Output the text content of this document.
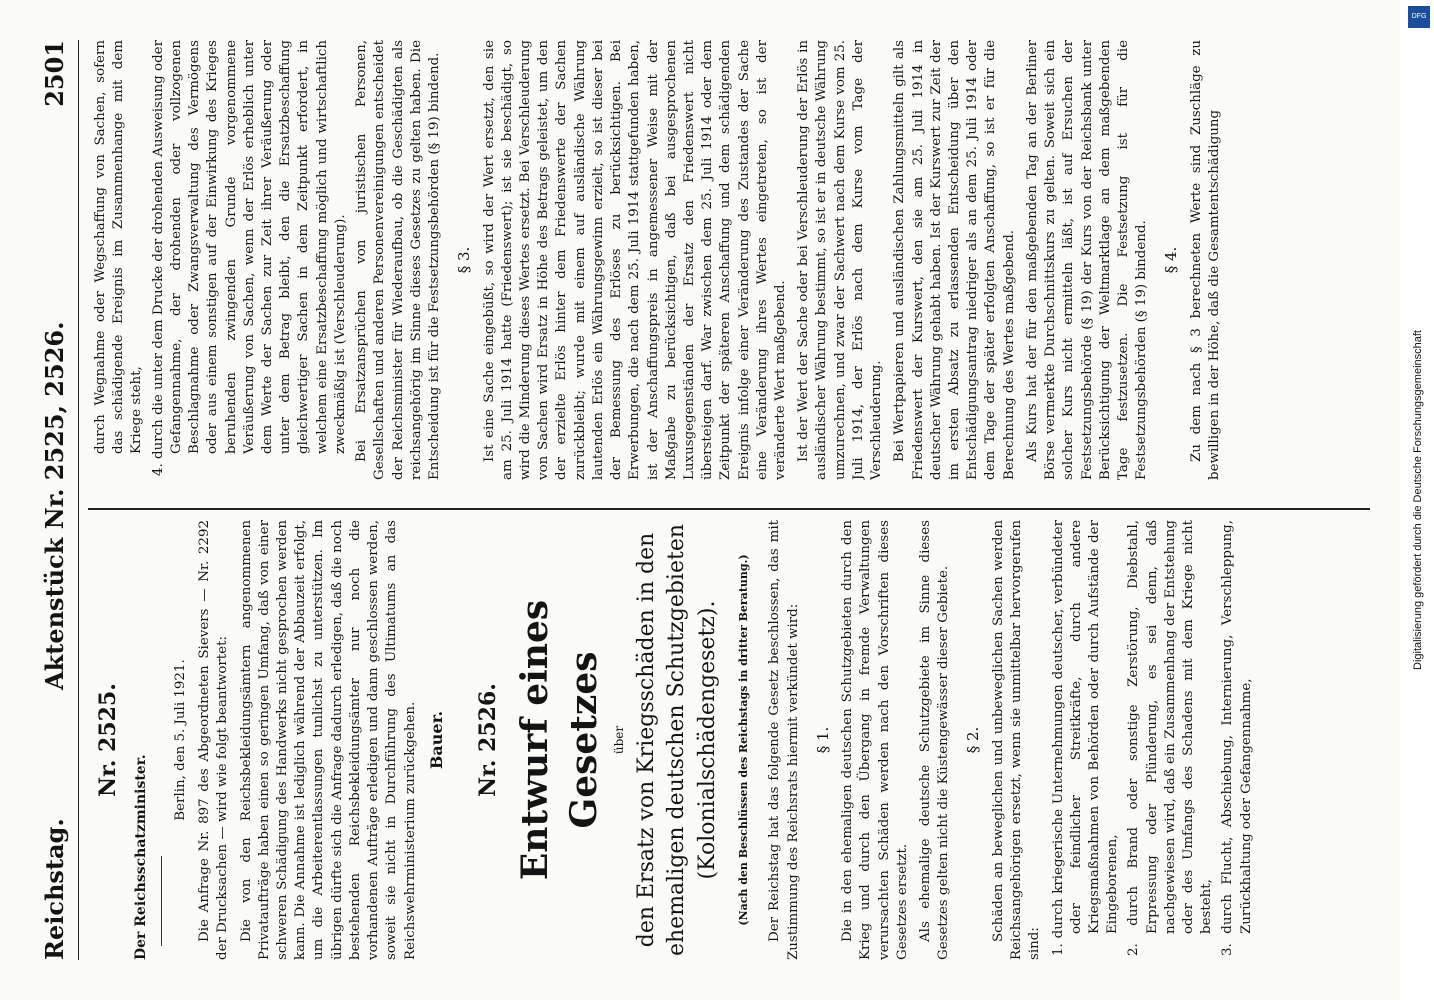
Reichstag.
Aktenstück Nr. 2525, 2526.
2501
Nr. 2525.
Der Reichsschatzminister.
Berlin, den 5. Juli 1921. Die Anfrage Nr. 897 des Abgeordneten Sievers — Nr. 2292 der Drucksachen — wird wie folgt beantwortet: Die von den Reichsbekleidungsämtern angenommenen Privataufträge haben einen so geringen Umfang, daß von einer schweren Schädigung des Handwerks nicht gesprochen werden kann. Die Annahme ist lediglich während der Abbauzeit erfolgt, um die Arbeiterentlassungen tunlichst zu unterstützen. Im übrigen dürfte sich die Anfrage dadurch erledigen, daß die noch bestehenden Reichsbekleidungsämter nur noch die vorhandenen Aufträge erledigen und dann geschlossen werden, soweit sie nicht in Durchführung des Ultimatums an das Reichswehrministerium zurückgehen. Bauer. Nr. 2526. Entwurf eines Gesetzes über den Ersatz von Kriegsschäden in den ehemaligen deutschen Schutzgebieten (Kolonialschädengesetz). (Nach den Beschlüssen des Reichstags in dritter Beratung.) Der Reichstag hat das folgende Gesetz beschlossen, das mit Zustimmung des Reichsrats hiermit verkündet wird: § 1. Die in den ehemaligen deutschen Schutzgebieten durch den Krieg und durch den Übergang in fremde Verwaltungen verursachten Schäden werden nach den Vorschriften dieses Gesetzes ersetzt. Als ehemalige deutsche Schutzgebiete im Sinne dieses Gesetzes gelten nicht die Küstengewässer dieser Gebiete. § 2. Schäden an beweglichen und unbeweglichen Sachen werden Reichsangehörigen ersetzt, wenn sie unmittelbar hervorgerufen sind: 1. durch kriegerische Unternehmungen deutscher, verbündeter oder feindlicher Streitkräfte, durch andere Kriegsmaßnahmen von Behörden oder durch Aufstände der Eingeborenen, 2. durch Brand oder sonstige Zerstörung, Diebstahl, Erpressung oder Plünderung, es sei denn, daß nachgewiesen wird, daß ein Zusammenhang der Entstehung oder des Umfangs des Schadens mit dem Kriege nicht besteht, 3. durch Flucht, Abschiebung, Internierung, Verschleppung, Zurückhaltung oder Gefangennahme,

durch Wegnahme oder Wegschaffung von Sachen, sofern das schädigende Ereignis im Zusammenhange mit dem Kriege steht, 4. durch die unter dem Drucke der drohenden Ausweisung oder Gefangennahme, der drohenden oder vollzogenen Beschlagnahme oder Zwangsverwaltung des Vermögens oder aus einem sonstigen auf der Einwirkung des Krieges beruhenden zwingenden Grunde vorgenommene Veräußerung von Sachen, wenn der Erlös erheblich unter dem Werte der Sachen zur Zeit ihrer Veräußerung oder unter dem Betrag bleibt, den die Ersatzbeschaffung gleichwertiger Sachen in dem Zeitpunkt erfordert, in welchem eine Ersatzbeschaffung möglich und wirtschaftlich zweckmäßig ist (Verschleuderung). Bei Ersatzansprüchen von juristischen Personen, Gesellschaften und anderen Personenvereinigungen entscheidet der Reichsminister für Wiederaufbau, ob die Geschädigten als reichsangehörig im Sinne dieses Gesetzes zu gelten haben. Die Entscheidung ist für die Festsetzungsbehörden (§ 19) bindend. § 3. Ist eine Sache eingebüßt, so wird der Wert ersetzt, den sie am 25. Juli 1914 hatte (Friedenswert); ist sie beschädigt, so wird die Minderung dieses Wertes ersetzt. Bei Verschleuderung von Sachen wird Ersatz in Höhe des Betrags geleistet, um den der erzielte Erlös hinter dem Friedenswerte der Sachen zurückbleibt; wurde mit einem auf ausländische Währung lautenden Erlös ein Währungsgewinn erzielt, so ist dieser bei der Bemessung des Erlöses zu berücksichtigen. Bei Erwerbungen, die nach dem 25. Juli 1914 stattgefunden haben, ist der Anschaffungspreis in angemessener Weise mit der Maßgabe zu berücksichtigen, daß bei ausgesprochenen Luxusgegenständen der Ersatz den Friedenswert nicht übersteigen darf. War zwischen dem 25. Juli 1914 oder dem Zeitpunkt der späteren Anschaffung und dem schädigenden Ereignis infolge einer Veränderung des Zustandes der Sache eine Veränderung ihres Wertes eingetreten, so ist der veränderte Wert maßgebend. Ist der Wert der Sache oder bei Verschleuderung der Erlös in ausländischer Währung bestimmt, so ist er in deutsche Währung umzurechnen, und zwar der Sachwert nach dem Kurse vom 25. Juli 1914, der Erlös nach dem Kurse vom Tage der Verschleuderung. Bei Wertpapieren und ausländischen Zahlungsmitteln gilt als Friedenswert der Kurswert, den sie am 25. Juli 1914 in deutscher Währung gehabt haben. Ist der Kurswert zur Zeit der im ersten Absatz zu erlassenden Entscheidung über den Entschädigungsantrag niedriger als an dem 25. Juli 1914 oder dem Tage der später erfolgten Anschaffung, so ist er für die Berechnung des Wertes maßgebend. Als Kurs hat der für den maßgebenden Tag an der Berliner Börse vermerkte Durchschnittskurs zu gelten. Soweit sich ein solcher Kurs nicht ermitteln läßt, ist auf Ersuchen der Festsetzungsbehörde (§ 19) der Kurs von der Reichsbank unter Berücksichtigung der Weltmarktlage an dem maßgebenden Tage festzusetzen. Die Festsetzung ist für die Festsetzungsbehörden (§ 19) bindend. § 4. Zu dem nach § 3 berechneten Werte sind Zuschläge zu bewilligen in der Höhe, daß die Gesamtentschädigung

DFG
Digitalisierung gefördert durch die Deutsche Forschungsgemeinschaft
